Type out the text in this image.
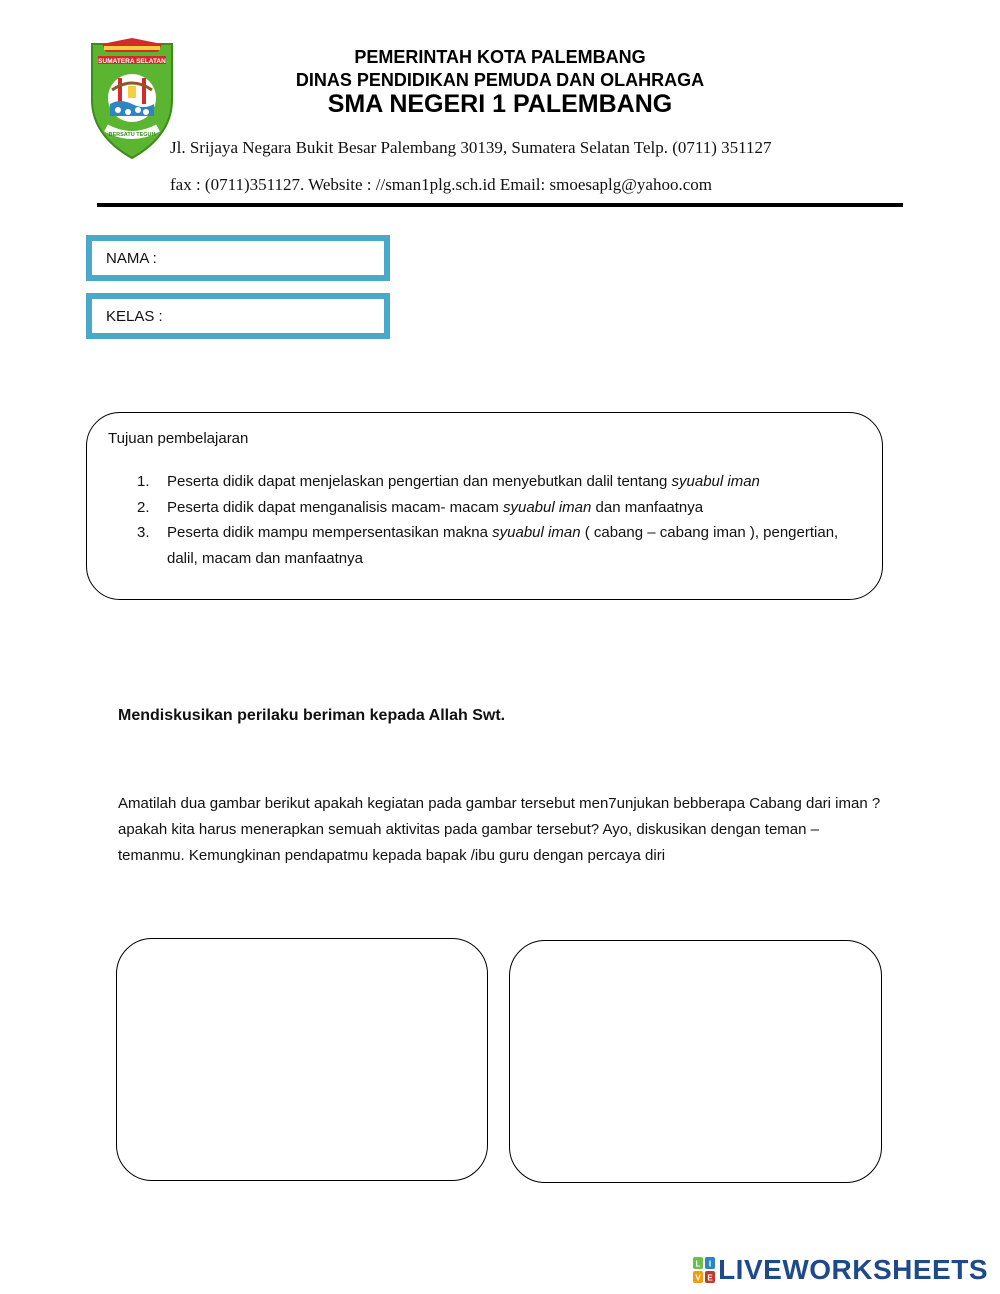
SUMATERA SELATAN
BERSATU TEGUH
PEMERINTAH KOTA PALEMBANG
DINAS PENDIDIKAN PEMUDA DAN OLAHRAGA
SMA NEGERI 1 PALEMBANG
Jl. Srijaya Negara Bukit Besar Palembang 30139, Sumatera Selatan Telp. (0711) 351127
fax : (0711)351127. Website : //sman1plg.sch.id Email: smoesaplg@yahoo.com
NAMA :
KELAS :
Tujuan pembelajaran
1.	Peserta didik dapat menjelaskan pengertian dan menyebutkan dalil tentang syuabul iman
2.	Peserta didik dapat menganalisis macam- macam syuabul iman dan manfaatnya
3.	Peserta didik mampu mempersentasikan makna syuabul iman ( cabang – cabang iman ), pengertian, dalil, macam dan manfaatnya
Mendiskusikan perilaku beriman kepada Allah Swt.
Amatilah dua gambar berikut apakah kegiatan pada gambar tersebut men7unjukan bebberapa Cabang dari iman ? apakah kita harus menerapkan semuah aktivitas pada gambar tersebut? Ayo, diskusikan dengan teman – temanmu. Kemungkinan pendapatmu kepada bapak /ibu guru dengan percaya diri
L I
V E LIVEWORKSHEETS
